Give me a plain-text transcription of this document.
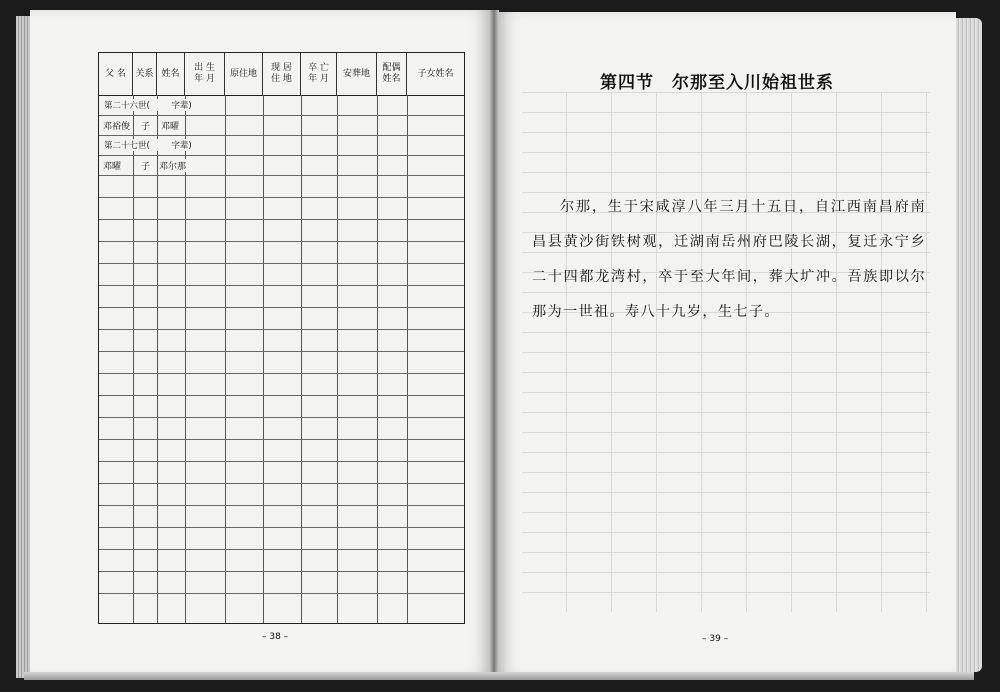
父 名	关系 姓名
出 生
年 月
原住地
现 居
住 地
卒 亡
年 月
安葬地
配偶
姓名
子女姓名
第二十六世(        字辈)
邓裕俊 子 邓曜
第二十七世(        字辈)
邓曜 子 邓尔那
– 38 –
第四节　尔那至入川始祖世系
尔那，生于宋咸淳八年三月十五日，自江西南昌府南昌县黄沙街铁树观，迁湖南岳州府巴陵长湖，复迁永宁乡二十四都龙湾村，卒于至大年间，葬大圹冲。吾族即以尔那为一世祖。寿八十九岁，生七子。
– 39 –
